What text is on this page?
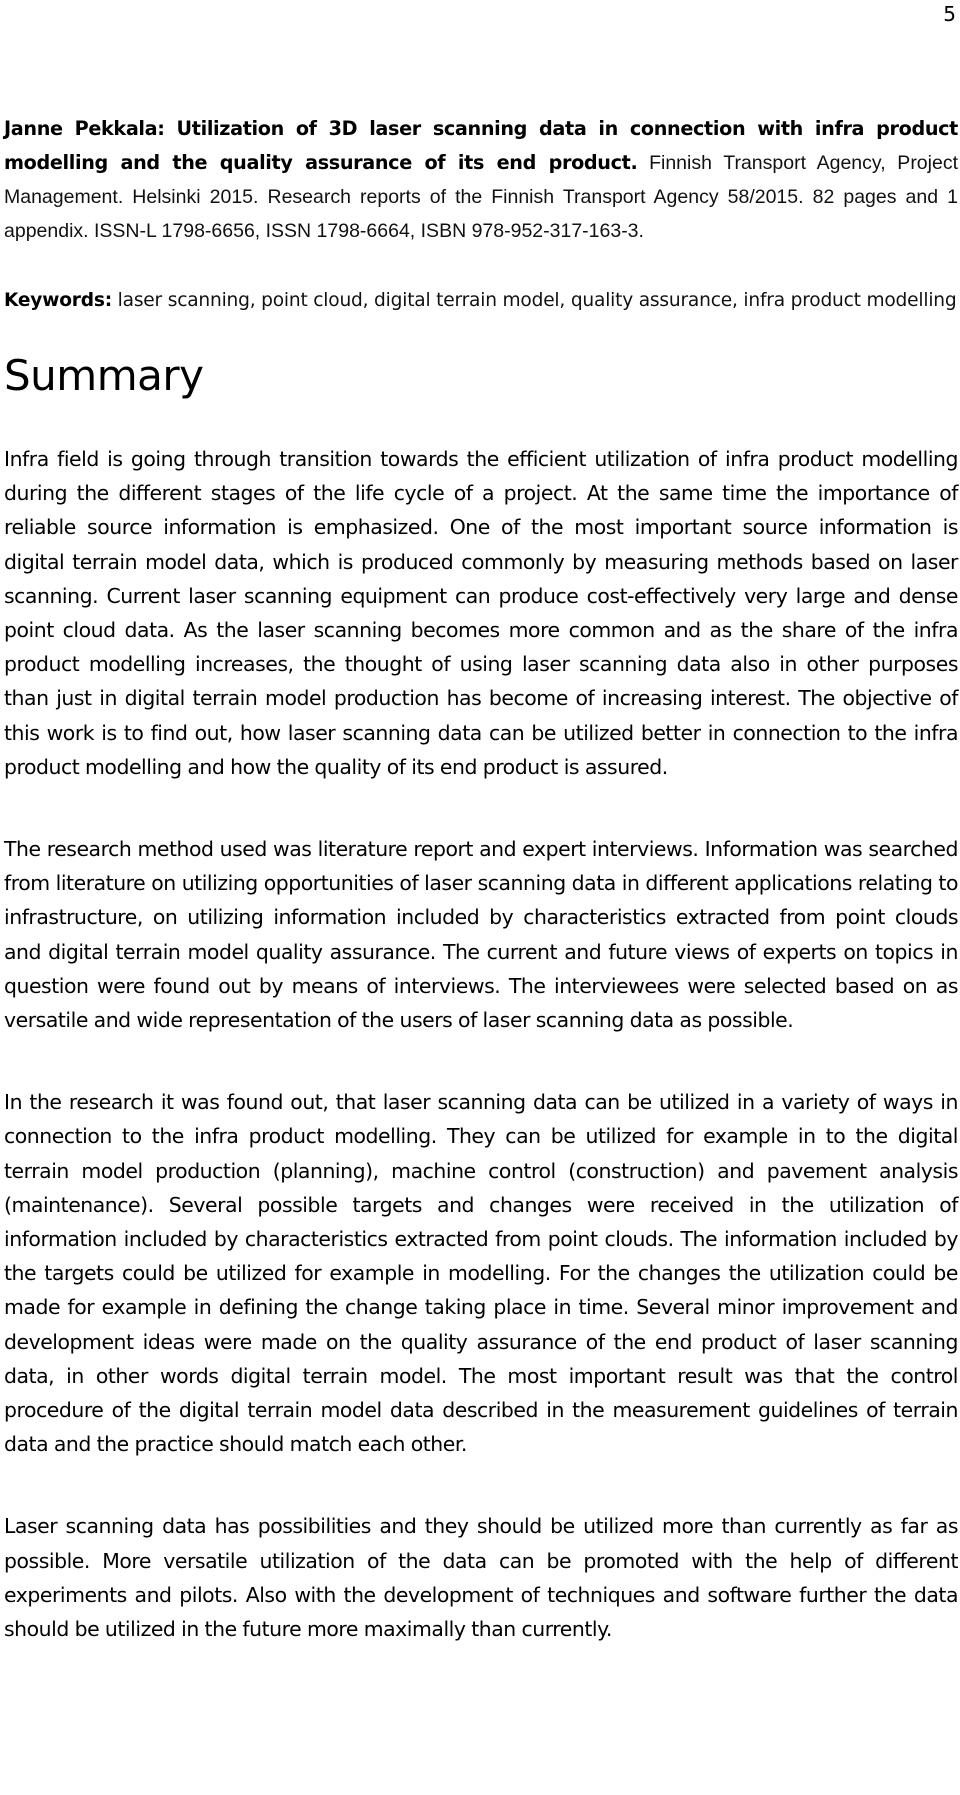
5

Janne Pekkala: Utilization of 3D laser scanning data in connection with infra product modelling and the quality assurance of its end product. Finnish Transport Agency, Project Management. Helsinki 2015. Research reports of the Finnish Transport Agency 58/2015. 82 pages and 1 appendix. ISSN-L 1798-6656, ISSN 1798-6664, ISBN 978-952-317-163-3.

Keywords: laser scanning, point cloud, digital terrain model, quality assurance, infra product modelling

Summary

Infra field is going through transition towards the efficient utilization of infra product modelling during the different stages of the life cycle of a project. At the same time the importance of reliable source information is emphasized. One of the most important source information is digital terrain model data, which is produced commonly by measuring methods based on laser scanning. Current laser scanning equipment can produce cost-effectively very large and dense point cloud data. As the laser scanning becomes more common and as the share of the infra product modelling increases, the thought of using laser scanning data also in other purposes than just in digital terrain model production has become of increasing interest. The objective of this work is to find out, how laser scanning data can be utilized better in connection to the infra product modelling and how the quality of its end product is assured.

The research method used was literature report and expert interviews. Information was searched from literature on utilizing opportunities of laser scanning data in different applications relating to infrastructure, on utilizing information included by characteristics extracted from point clouds and digital terrain model quality assurance. The current and future views of experts on topics in question were found out by means of interviews. The interviewees were selected based on as versatile and wide representation of the users of laser scanning data as possible.

In the research it was found out, that laser scanning data can be utilized in a variety of ways in connection to the infra product modelling. They can be utilized for example in to the digital terrain model production (planning), machine control (construction) and pavement analysis (maintenance). Several possible targets and changes were received in the utilization of information included by characteristics extracted from point clouds. The information included by the targets could be utilized for example in modelling. For the changes the utilization could be made for example in defining the change taking place in time. Several minor improvement and development ideas were made on the quality assurance of the end product of laser scanning data, in other words digital terrain model. The most important result was that the control procedure of the digital terrain model data described in the measurement guidelines of terrain data and the practice should match each other.

Laser scanning data has possibilities and they should be utilized more than currently as far as possible. More versatile utilization of the data can be promoted with the help of different experiments and pilots. Also with the development of techniques and software further the data should be utilized in the future more maximally than currently.
